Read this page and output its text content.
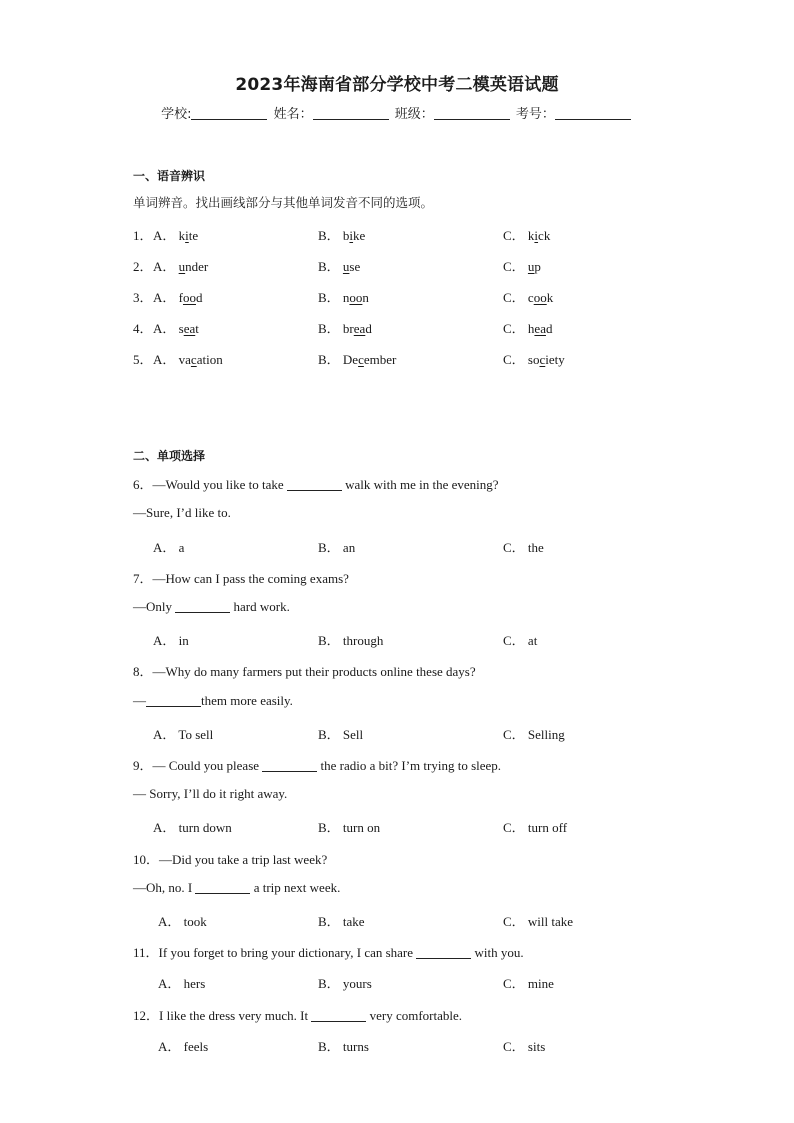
2023年海南省部分学校中考二模英语试题
学校:	姓名：	班级：	考号：
一、语音辨识
单词辨音。找出画线部分与其他单词发音不同的选项。
1． A． kite	B． bike	C． kick
2． A． under	B． use	C． up
3． A． food	B． noon	C． cook
4． A． seat	B． bread	C． head
5． A． vacation	B． December	C． society
二、单项选择
6．—Would you like to take	walk with me in the evening?
—Sure, I’d like to.
A． a	B． an	C． the
7．—How can I pass the coming exams?
—Only	hard work.
A． in	B． through	C． at
8．—Why do many farmers put their products online these days?
—	them more easily.
A． To sell	B． Sell	C． Selling
9．— Could you please	the radio a bit? I’m trying to sleep.
— Sorry, I’ll do it right away.
A． turn down	B． turn on	C． turn off
10．—Did you take a trip last week?
—Oh, no. I	a trip next week.
A． took	B． take	C． will take
11．If you forget to bring your dictionary, I can share	with you.
A． hers	B． yours	C． mine
12．I like the dress very much. It	very comfortable.
A． feels	B． turns	C． sits
